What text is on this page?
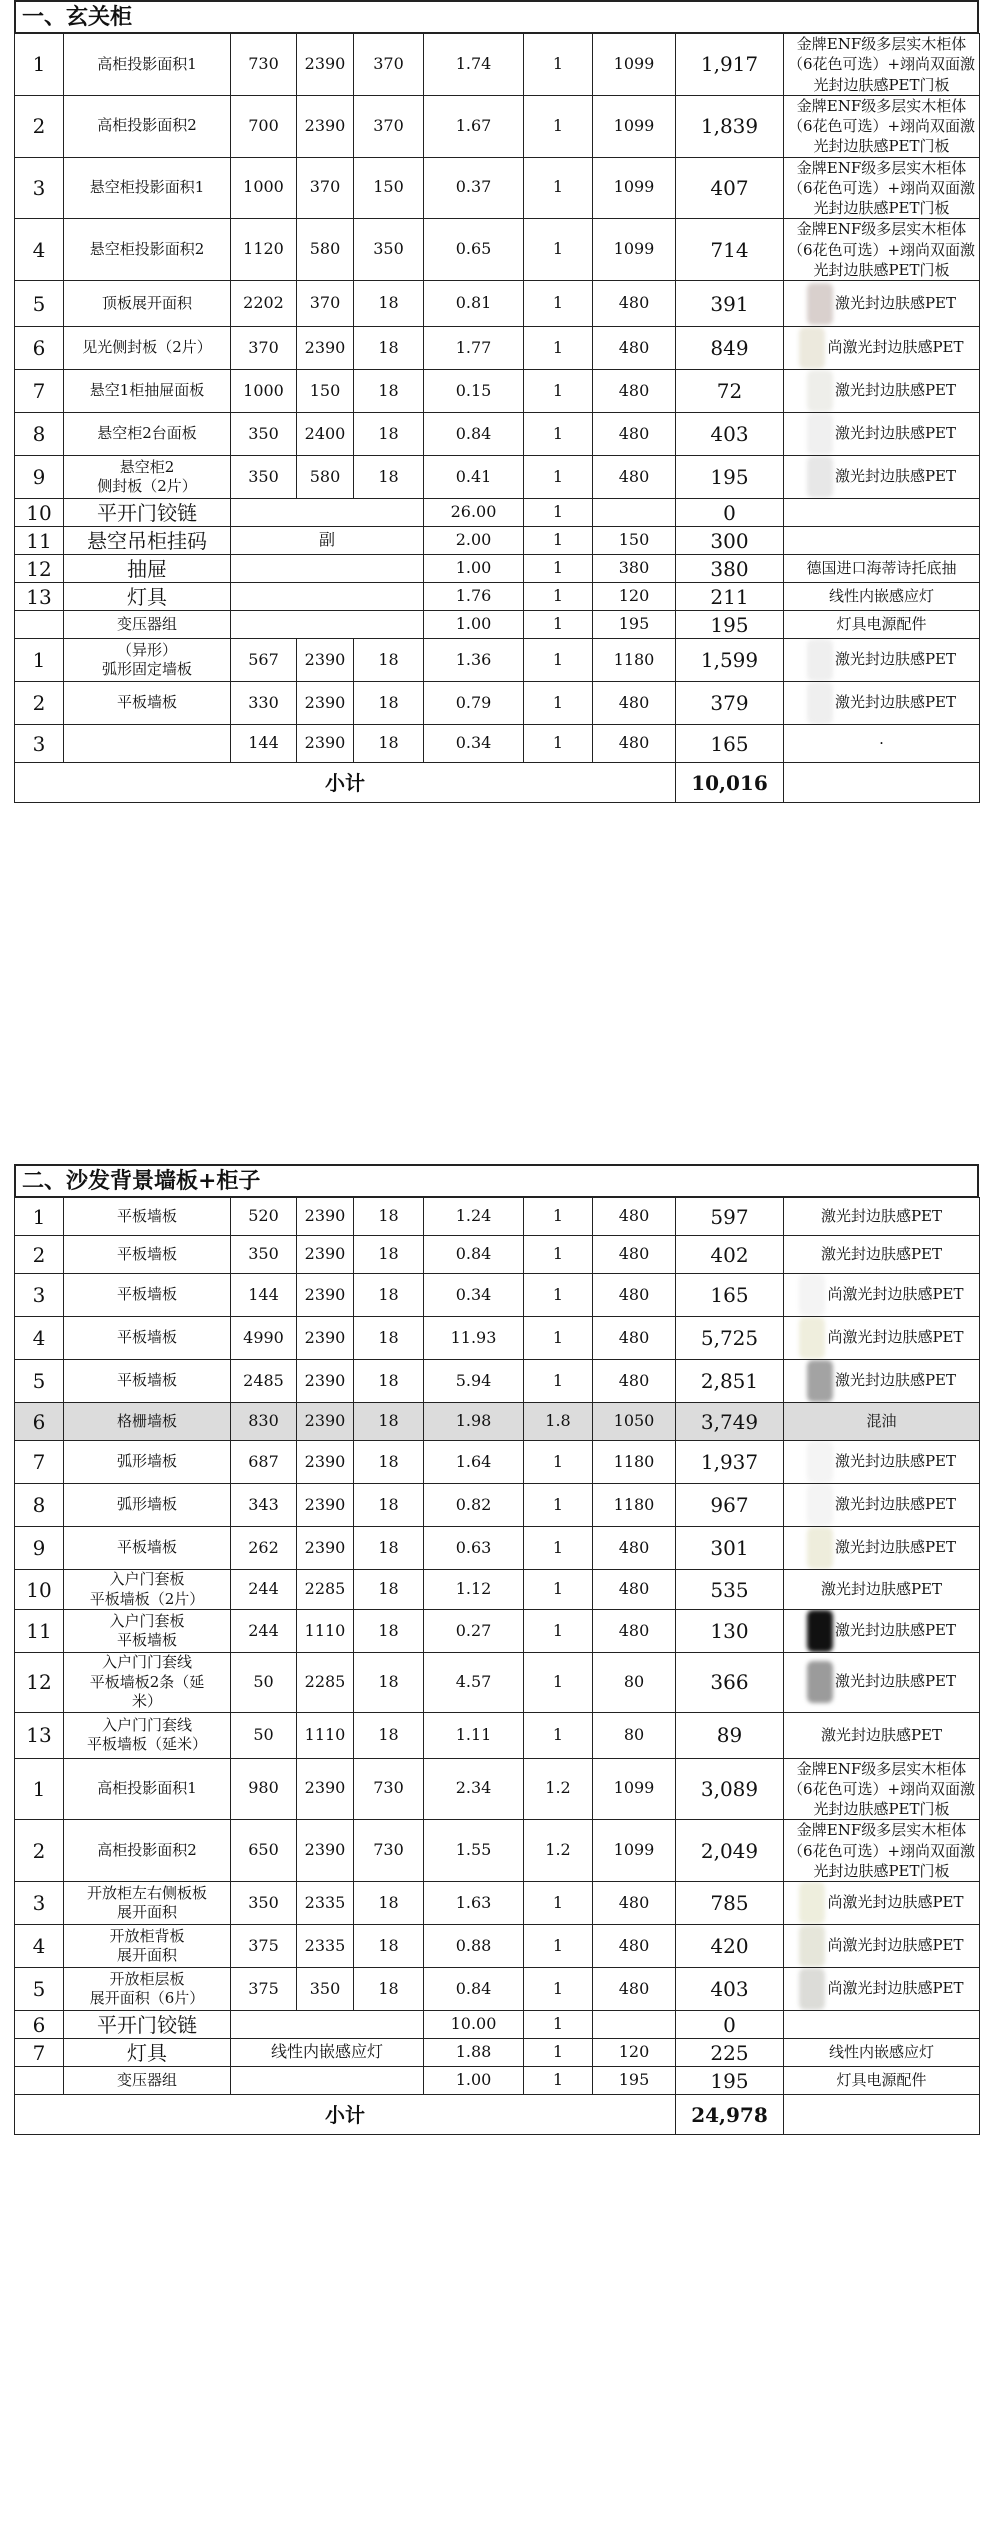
一、玄关柜
1	高柜投影面积1	730	2390	370	1.74	1	1099	1,917	金牌ENF级多层实木柜体（6花色可选）+翊尚双面激光封边肤感PET门板
2	高柜投影面积2	700	2390	370	1.67	1	1099	1,839	金牌ENF级多层实木柜体（6花色可选）+翊尚双面激光封边肤感PET门板
3	悬空柜投影面积1	1000	370	150	0.37	1	1099	407	金牌ENF级多层实木柜体（6花色可选）+翊尚双面激光封边肤感PET门板
4	悬空柜投影面积2	1120	580	350	0.65	1	1099	714	金牌ENF级多层实木柜体（6花色可选）+翊尚双面激光封边肤感PET门板
5	顶板展开面积	2202	370	18	0.81	1	480	391	激光封边肤感PET
6	见光侧封板（2片）	370	2390	18	1.77	1	480	849	尚激光封边肤感PET
7	悬空1柜抽屉面板	1000	150	18	0.15	1	480	72	激光封边肤感PET
8	悬空柜2台面板	350	2400	18	0.84	1	480	403	激光封边肤感PET
9	悬空柜2
侧封板（2片）	350	580	18	0.41	1	480	195	激光封边肤感PET
10	平开门铰链				26.00	1		0	
11	悬空吊柜挂码	副			2.00	1	150	300	
12	抽屉				1.00	1	380	380	德国进口海蒂诗托底抽
13	灯具				1.76	1	120	211	线性内嵌感应灯
	变压器组				1.00	1	195	195	灯具电源配件
1	（异形）
弧形固定墙板	567	2390	18	1.36	1	1180	1,599	激光封边肤感PET
2	平板墙板	330	2390	18	0.79	1	480	379	激光封边肤感PET
3		144	2390	18	0.34	1	480	165	·
小计								10,016	
二、沙发背景墙板+柜子
1	平板墙板	520	2390	18	1.24	1	480	597	激光封边肤感PET
2	平板墙板	350	2390	18	0.84	1	480	402	激光封边肤感PET
3	平板墙板	144	2390	18	0.34	1	480	165	尚激光封边肤感PET
4	平板墙板	4990	2390	18	11.93	1	480	5,725	尚激光封边肤感PET
5	平板墙板	2485	2390	18	5.94	1	480	2,851	激光封边肤感PET
6	格栅墙板	830	2390	18	1.98	1.8	1050	3,749	混油
7	弧形墙板	687	2390	18	1.64	1	1180	1,937	激光封边肤感PET
8	弧形墙板	343	2390	18	0.82	1	1180	967	激光封边肤感PET
9	平板墙板	262	2390	18	0.63	1	480	301	激光封边肤感PET
10	入户门套板
平板墙板（2片）	244	2285	18	1.12	1	480	535	激光封边肤感PET
11	入户门套板
平板墙板	244	1110	18	0.27	1	480	130	激光封边肤感PET
12	入户门门套线
平板墙板2条（延
米）	50	2285	18	4.57	1	80	366	激光封边肤感PET
13	入户门门套线
平板墙板（延米）	50	1110	18	1.11	1	80	89	激光封边肤感PET
1	高柜投影面积1	980	2390	730	2.34	1.2	1099	3,089	金牌ENF级多层实木柜体（6花色可选）+翊尚双面激光封边肤感PET门板
2	高柜投影面积2	650	2390	730	1.55	1.2	1099	2,049	金牌ENF级多层实木柜体（6花色可选）+翊尚双面激光封边肤感PET门板
3	开放柜左右侧板板
展开面积	350	2335	18	1.63	1	480	785	尚激光封边肤感PET
4	开放柜背板
展开面积	375	2335	18	0.88	1	480	420	尚激光封边肤感PET
5	开放柜层板
展开面积（6片）	375	350	18	0.84	1	480	403	尚激光封边肤感PET
6	平开门铰链				10.00	1		0	
7	灯具	线性内嵌感应灯			1.88	1	120	225	线性内嵌感应灯
	变压器组				1.00	1	195	195	灯具电源配件
小计								24,978	
